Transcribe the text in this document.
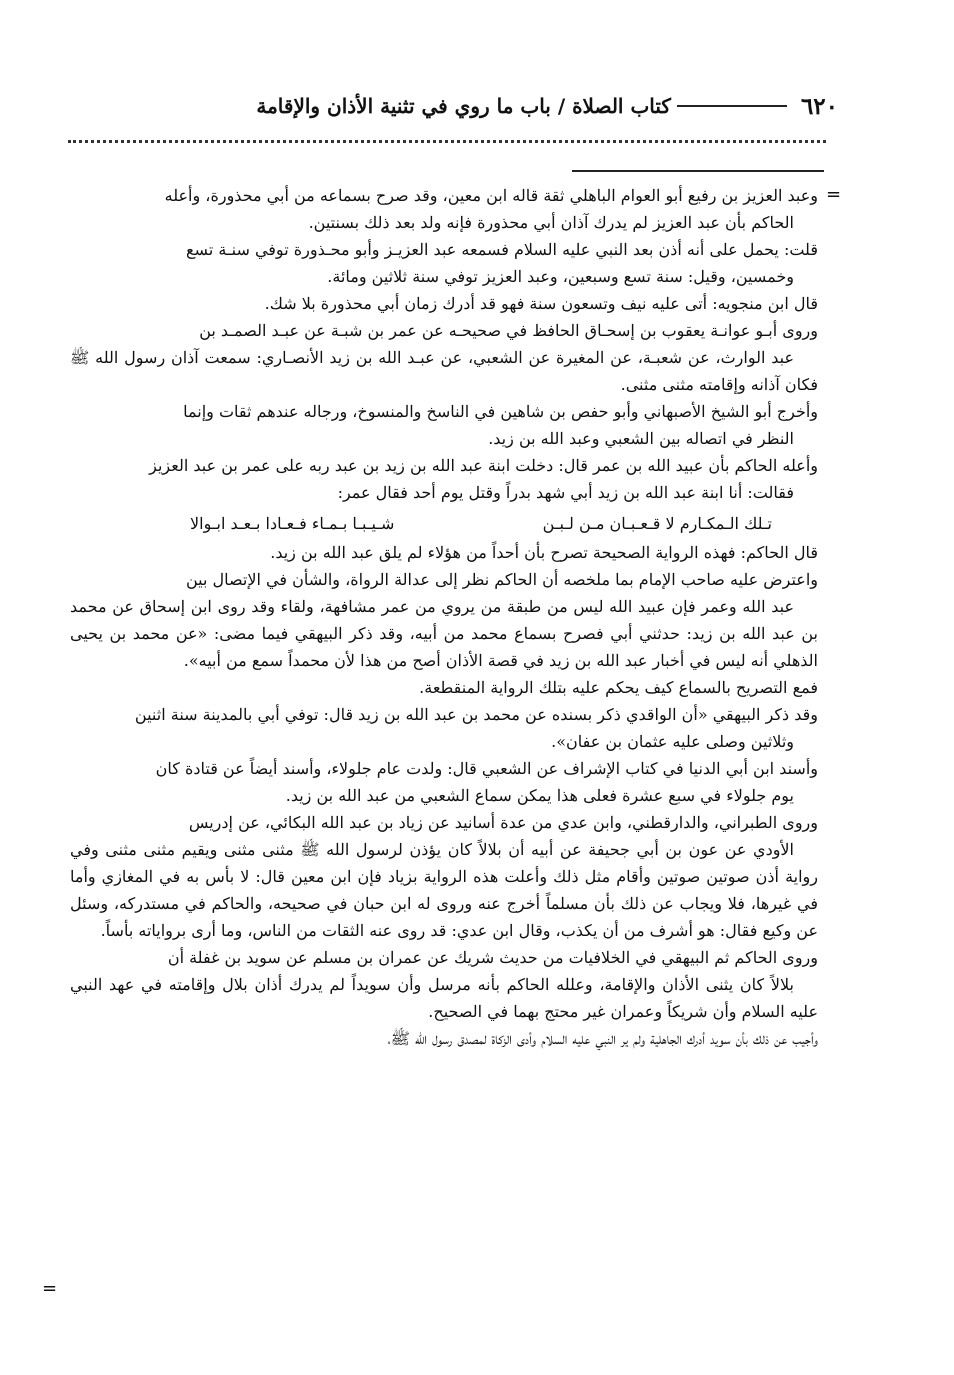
٦٢٠
كتاب الصلاة / باب ما روي في تثنية الأذان والإقامة
=
=

وعبد العزيز بن رفيع أبو العوام الباهلي ثقة قاله ابن معين، وقد صرح بسماعه من أبي محذورة، وأعله
الحاكم بأن عبد العزيز لم يدرك آذان أبي محذورة فإنه ولد بعد ذلك بسنتين.

قلت: يحمل على أنه أذن بعد النبي عليه السلام فسمعه عبد العزيـز وأبو محـذورة توفي سنـة تسع
وخمسين، وقيل: سنة تسع وسبعين، وعبد العزيز توفي سنة ثلاثين ومائة.

قال ابن منجويه: أتى عليه نيف وتسعون سنة فهو قد أدرك زمان أبي محذورة بلا شك.

وروى أبـو عوانـة يعقوب بن إسحـاق الحافظ في صحيحـه عن عمر بن شبـة عن عبـد الصمـد بن
عبد الوارث، عن شعبـة، عن المغيرة عن الشعبي، عن عبـد الله بن زيد الأنصـاري: سمعت آذان رسول الله ﷺ فكان آذانه وإقامته مثنى مثنى.

وأخرج أبو الشيخ الأصبهاني وأبو حفص بن شاهين في الناسخ والمنسوخ، ورجاله عندهم ثقات وإنما
النظر في اتصاله بين الشعبي وعبد الله بن زيد.

وأعله الحاكم بأن عبيد الله بن عمر قال: دخلت ابنة عبد الله بن زيد بن عبد ربه على عمر بن عبد العزيز
فقالت: أنا ابنة عبد الله بن زيد أبي شهد بدراً وقتل يوم أحد فقال عمر:

تـلك الـمكـارم لا قـعـبـان مـن لـبـن
شـيـبـا بـمـاء فـعـادا بـعـد ابـوالا

قال الحاكم: فهذه الرواية الصحيحة تصرح بأن أحداً من هؤلاء لم يلق عبد الله بن زيد.

واعترض عليه صاحب الإمام بما ملخصه أن الحاكم نظر إلى عدالة الرواة، والشأن في الإتصال بين
عبد الله وعمر فإن عبيد الله ليس من طبقة من يروي من عمر مشافهة، ولقاء وقد روى ابن إسحاق عن محمد بن عبد الله بن زيد: حدثني أبي فصرح بسماع محمد من أبيه، وقد ذكر البيهقي فيما مضى: «عن محمد بن يحيى الذهلي أنه ليس في أخبار عبد الله بن زيد في قصة الأذان أصح من هذا لأن محمداً سمع من أبيه».

فمع التصريح بالسماع كيف يحكم عليه بتلك الرواية المنقطعة.

وقد ذكر البيهقي «أن الواقدي ذكر بسنده عن محمد بن عبد الله بن زيد قال: توفي أبي بالمدينة سنة اثنين
وثلاثين وصلى عليه عثمان بن عفان».

وأسند ابن أبي الدنيا في كتاب الإشراف عن الشعبي قال: ولدت عام جلولاء، وأسند أيضاً عن قتادة كان
يوم جلولاء في سبع عشرة فعلى هذا يمكن سماع الشعبي من عبد الله بن زيد.

وروى الطبراني، والدارقطني، وابن عدي من عدة أسانيد عن زياد بن عبد الله البكائي، عن إدريس
الأودي عن عون بن أبي جحيفة عن أبيه أن بلالاً كان يؤذن لرسول الله ﷺ مثنى مثنى ويقيم مثنى مثنى وفي رواية أذن صوتين صوتين وأقام مثل ذلك وأعلت هذه الرواية بزياد فإن ابن معين قال: لا بأس به في المغازي وأما في غيرها، فلا ويجاب عن ذلك بأن مسلماً أخرج عنه وروى له ابن حبان في صحيحه، والحاكم في مستدركه، وسئل عن وكيع فقال: هو أشرف من أن يكذب، وقال ابن عدي: قد روى عنه الثقات من الناس، وما أرى برواياته بأساً.

وروى الحاكم ثم البيهقي في الخلافيات من حديث شريك عن عمران بن مسلم عن سويد بن غفلة أن
بلالاً كان يثنى الأذان والإقامة، وعلله الحاكم بأنه مرسل وأن سويداً لم يدرك أذان بلال وإقامته في عهد النبي عليه السلام وأن شريكاً وعمران غير محتج بهما في الصحيح.

وأجيب عن ذلك بأن سويد أدرك الجاهلية ولم ير النبي عليه السلام وأدى الزكاة لمصدق رسول الله ﷺ،
